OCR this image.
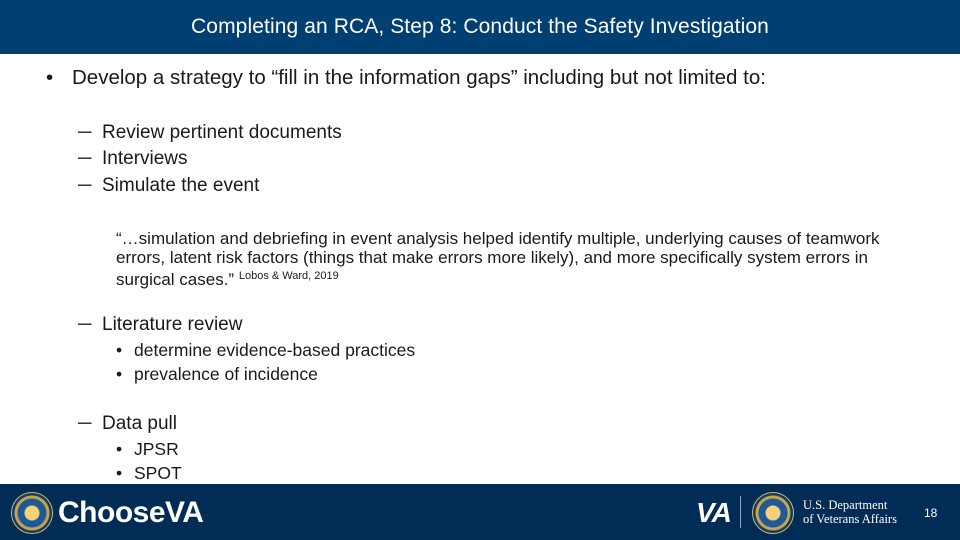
Completing an RCA, Step 8: Conduct the Safety Investigation
• Develop a strategy to “fill in the information gaps” including but not limited to:
─ Review pertinent documents
─ Interviews
─ Simulate the event
“…simulation and debriefing in event analysis helped identify multiple, underlying causes of teamwork errors, latent risk factors (things that make errors more likely), and more specifically system errors in surgical cases.” $^{Lobos \& Ward, 2019}$
─ Literature review
• determine evidence-based practices
• prevalence of incidence
─ Data pull
• JPSR
• SPOT
ChooseVA	VA	U.S. Department
of Veterans Affairs 18
